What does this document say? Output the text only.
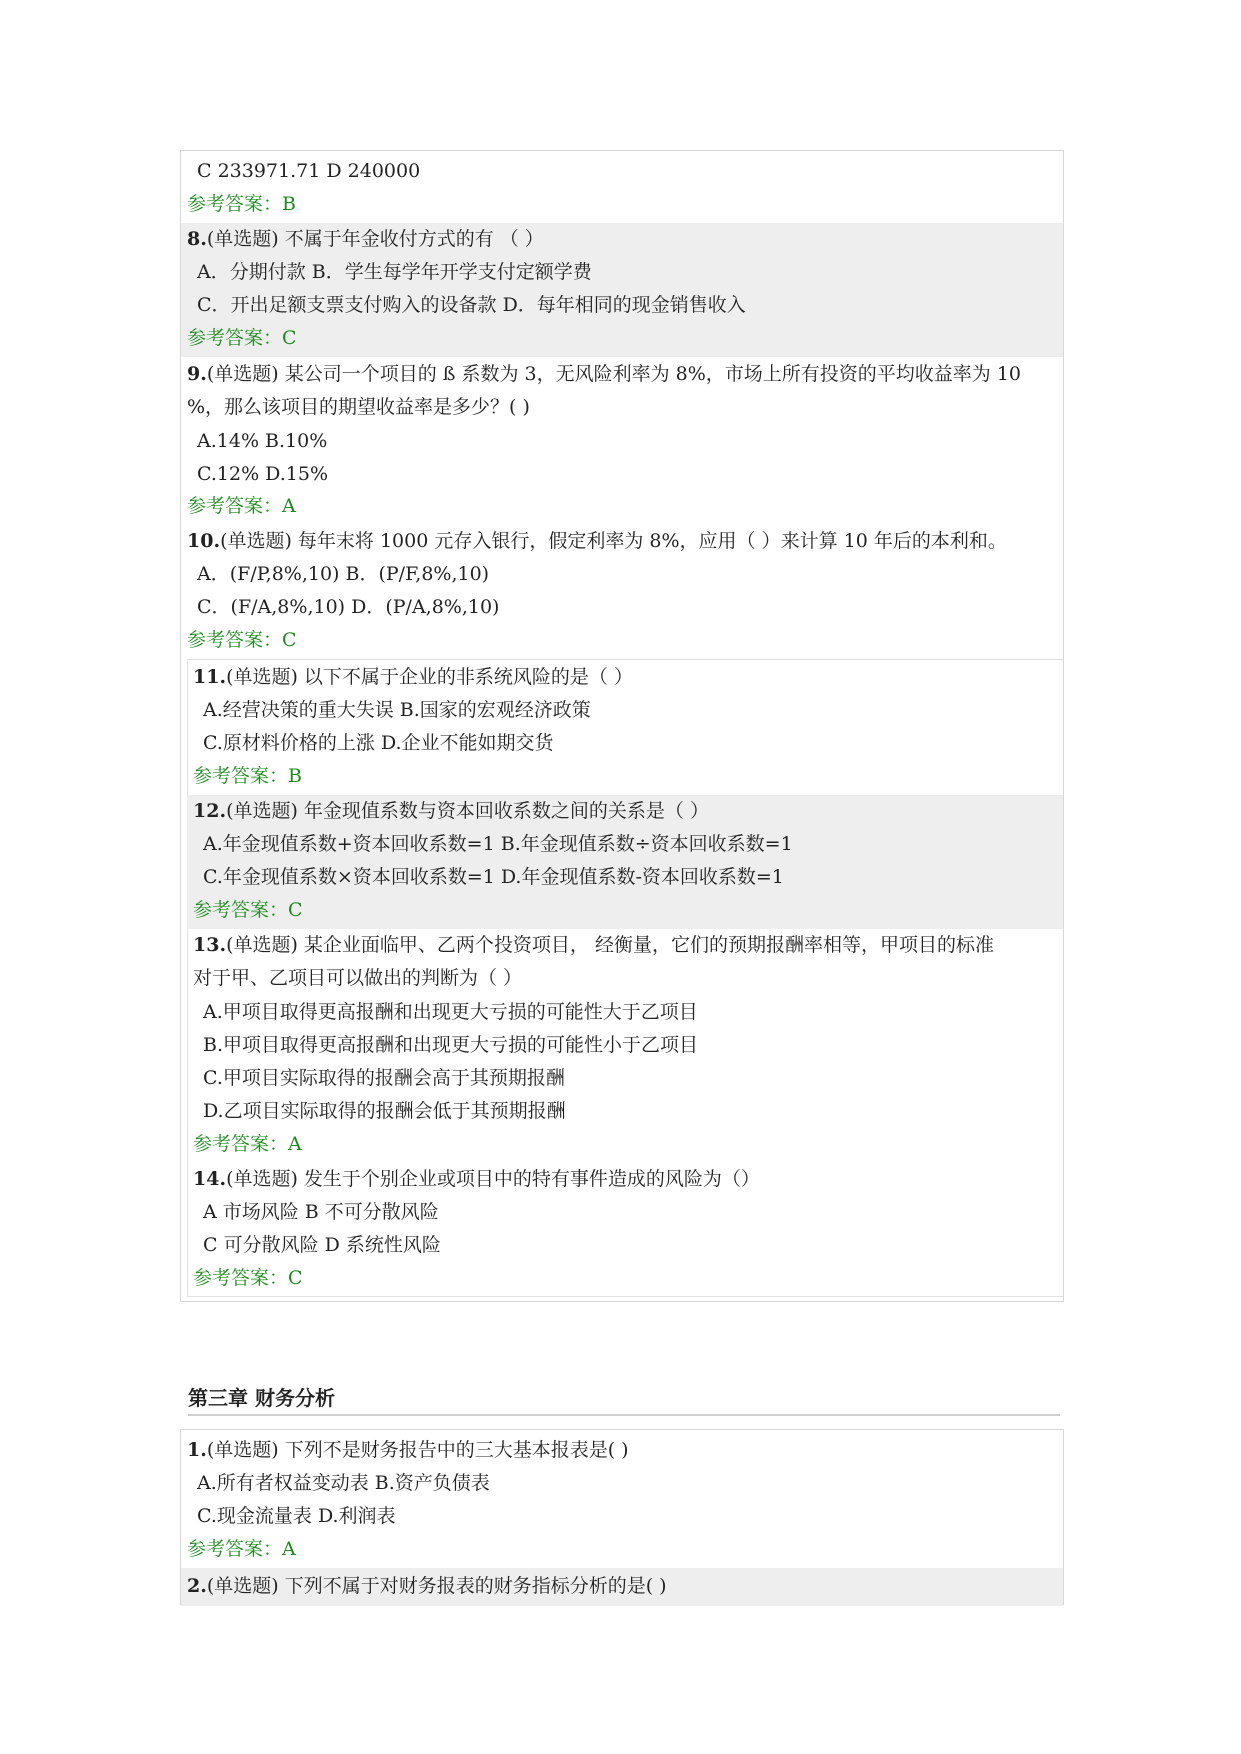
C 233971.71 D 240000
参考答案：B
8.(单选题) 不属于年金收付方式的有 （ ）
A．分期付款 B．学生每学年开学支付定额学费
C．开出足额支票支付购入的设备款 D．每年相同的现金销售收入
参考答案：C
9.(单选题) 某公司一个项目的 ß 系数为 3，无风险利率为 8%，市场上所有投资的平均收益率为 10
%，那么该项目的期望收益率是多少？( )
A.14% B.10%
C.12% D.15%
参考答案：A
10.(单选题) 每年末将 1000 元存入银行，假定利率为 8%，应用（ ）来计算 10 年后的本利和。
A．(F/P,8%,10) B．(P/F,8%,10)
C．(F/A,8%,10) D．(P/A,8%,10)
参考答案：C
11.(单选题) 以下不属于企业的非系统风险的是（ ）
A.经营决策的重大失误 B.国家的宏观经济政策
C.原材料价格的上涨 D.企业不能如期交货
参考答案：B
12.(单选题) 年金现值系数与资本回收系数之间的关系是（ ）
A.年金现值系数+资本回收系数=1 B.年金现值系数÷资本回收系数=1
C.年金现值系数×资本回收系数=1 D.年金现值系数-资本回收系数=1
参考答案：C
13.(单选题) 某企业面临甲、乙两个投资项目， 经衡量，它们的预期报酬率相等，甲项目的标准
对于甲、乙项目可以做出的判断为（ ）
A.甲项目取得更高报酬和出现更大亏损的可能性大于乙项目
B.甲项目取得更高报酬和出现更大亏损的可能性小于乙项目
C.甲项目实际取得的报酬会高于其预期报酬
D.乙项目实际取得的报酬会低于其预期报酬
参考答案：A
14.(单选题) 发生于个别企业或项目中的特有事件造成的风险为（）
A 市场风险 B 不可分散风险
C 可分散风险 D 系统性风险
参考答案：C
第三章 财务分析
1.(单选题) 下列不是财务报告中的三大基本报表是( )
A.所有者权益变动表 B.资产负债表
C.现金流量表 D.利润表
参考答案：A
2.(单选题) 下列不属于对财务报表的财务指标分析的是( )
